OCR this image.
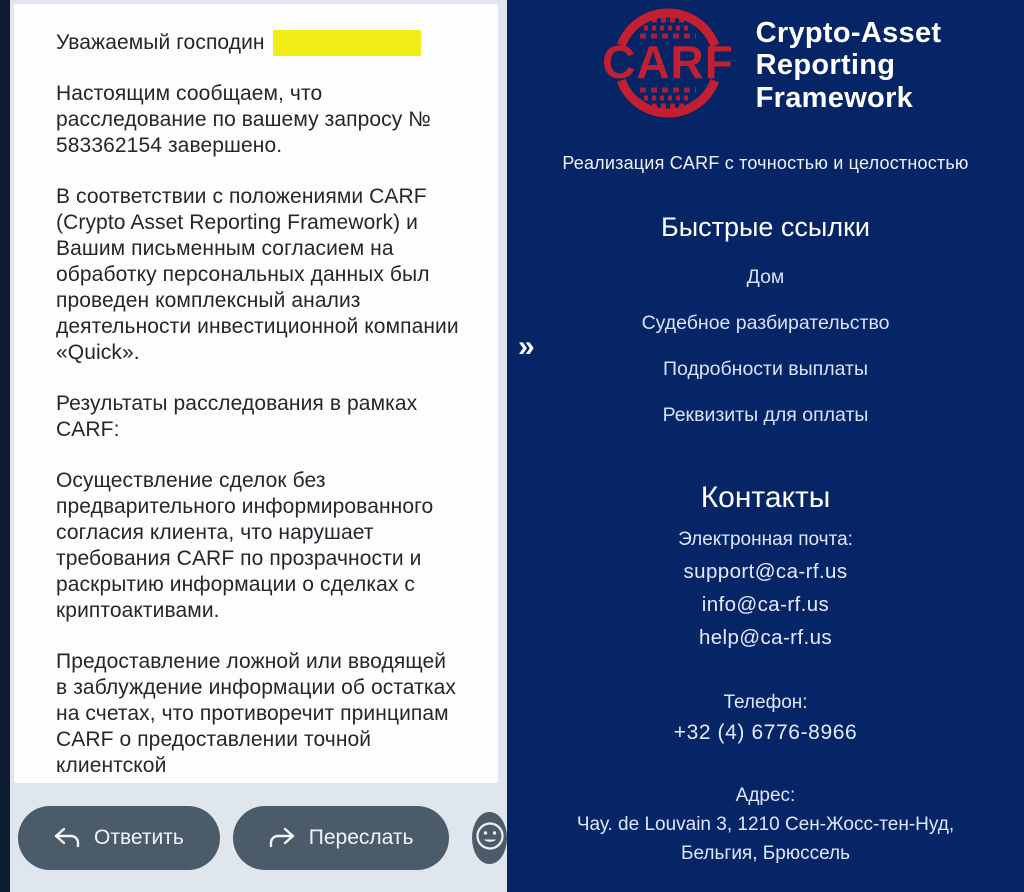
Уважаемый господин

Настоящим сообщаем, что расследование по вашему запросу № 583362154 завершено.

В соответствии с положениями CARF (Crypto Asset Reporting Framework) и Вашим письменным согласием на обработку персональных данных был проведен комплексный анализ деятельности инвестиционной компании «Quick».

Результаты расследования в рамках CARF:

Осуществление сделок без предварительного информированного согласия клиента, что нарушает требования CARF по прозрачности и раскрытию информации о сделках с криптоактивами.

Предоставление ложной или вводящей в заблуждение информации об остатках на счетах, что противоречит принципам CARF о предоставлении точной клиентской

Ответить	Переслать
CARF
Crypto-Asset
Reporting
Framework
Реализация CARF с точностью и целостностью
Быстрые ссылки
Дом
Судебное разбирательство
Подробности выплаты
Реквизиты для оплаты
»
Контакты
Электронная почта:
support@ca-rf.us
info@ca-rf.us
help@ca-rf.us
Телефон:
+32 (4) 6776-8966
Адрес:
Чау. de Louvain 3, 1210 Сен-Жосс-тен-Нуд,
Бельгия, Брюссель
